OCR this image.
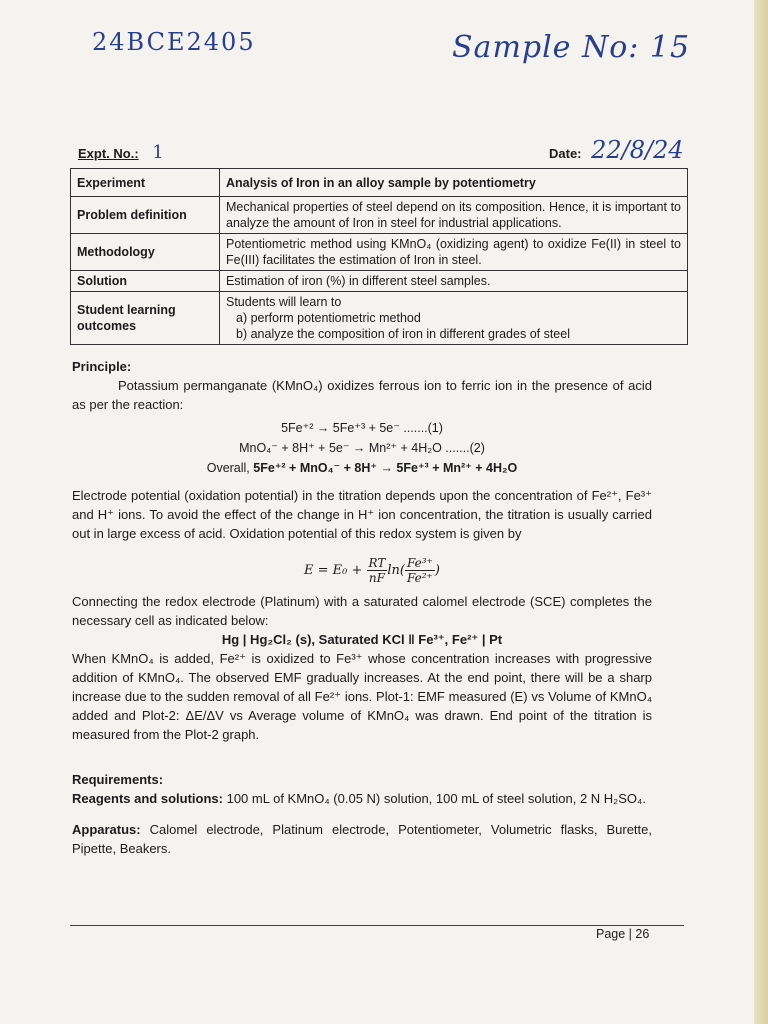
24BCE2405	Sample No: 15
Expt. No.: 1	Date: 22/8/24
Experiment	Analysis of Iron in an alloy sample by potentiometry
Problem definition	Mechanical properties of steel depend on its composition. Hence, it is important to analyze the amount of Iron in steel for industrial applications.
Methodology	Potentiometric method using KMnO₄ (oxidizing agent) to oxidize Fe(II) in steel to Fe(III) facilitates the estimation of Iron in steel.
Solution	Estimation of iron (%) in different steel samples.
Student learning outcomes	Students will learn to
a) perform potentiometric method
b) analyze the composition of iron in different grades of steel
Principle:
Potassium permanganate (KMnO₄) oxidizes ferrous ion to ferric ion in the presence of acid as per the reaction:
5Fe⁺² → 5Fe⁺³ + 5e⁻ .......(1)
MnO₄⁻ + 8H⁺ + 5e⁻ → Mn²⁺ + 4H₂O .......(2)
Overall, 5Fe⁺² + MnO₄⁻ + 8H⁺ → 5Fe⁺³ + Mn²⁺ + 4H₂O
Electrode potential (oxidation potential) in the titration depends upon the concentration of Fe²⁺, Fe³⁺ and H⁺ ions. To avoid the effect of the change in H⁺ ion concentration, the titration is usually carried out in large excess of acid. Oxidation potential of this redox system is given by
$E = E_0 + \frac{RT}{nF} \ln( \frac{\text{Fe³⁺}}{\text{Fe²⁺}}$ )
Connecting the redox electrode (Platinum) with a saturated calomel electrode (SCE) completes the necessary cell as indicated below:
Hg | Hg₂Cl₂ (s), Saturated KCl ‖ Fe³⁺, Fe²⁺ | Pt
When KMnO₄ is added, Fe²⁺ is oxidized to Fe³⁺ whose concentration increases with progressive addition of KMnO₄. The observed EMF gradually increases. At the end point, there will be a sharp increase due to the sudden removal of all Fe²⁺ ions. Plot-1: EMF measured (E) vs Volume of KMnO₄ added and Plot-2: ΔE/ΔV vs Average volume of KMnO₄ was drawn. End point of the titration is measured from the Plot-2 graph.
Requirements:
Reagents and solutions: 100 mL of KMnO₄ (0.05 N) solution, 100 mL of steel solution, 2 N H₂SO₄.
Apparatus: Calomel electrode, Platinum electrode, Potentiometer, Volumetric flasks, Burette, Pipette, Beakers.
Page | 26
